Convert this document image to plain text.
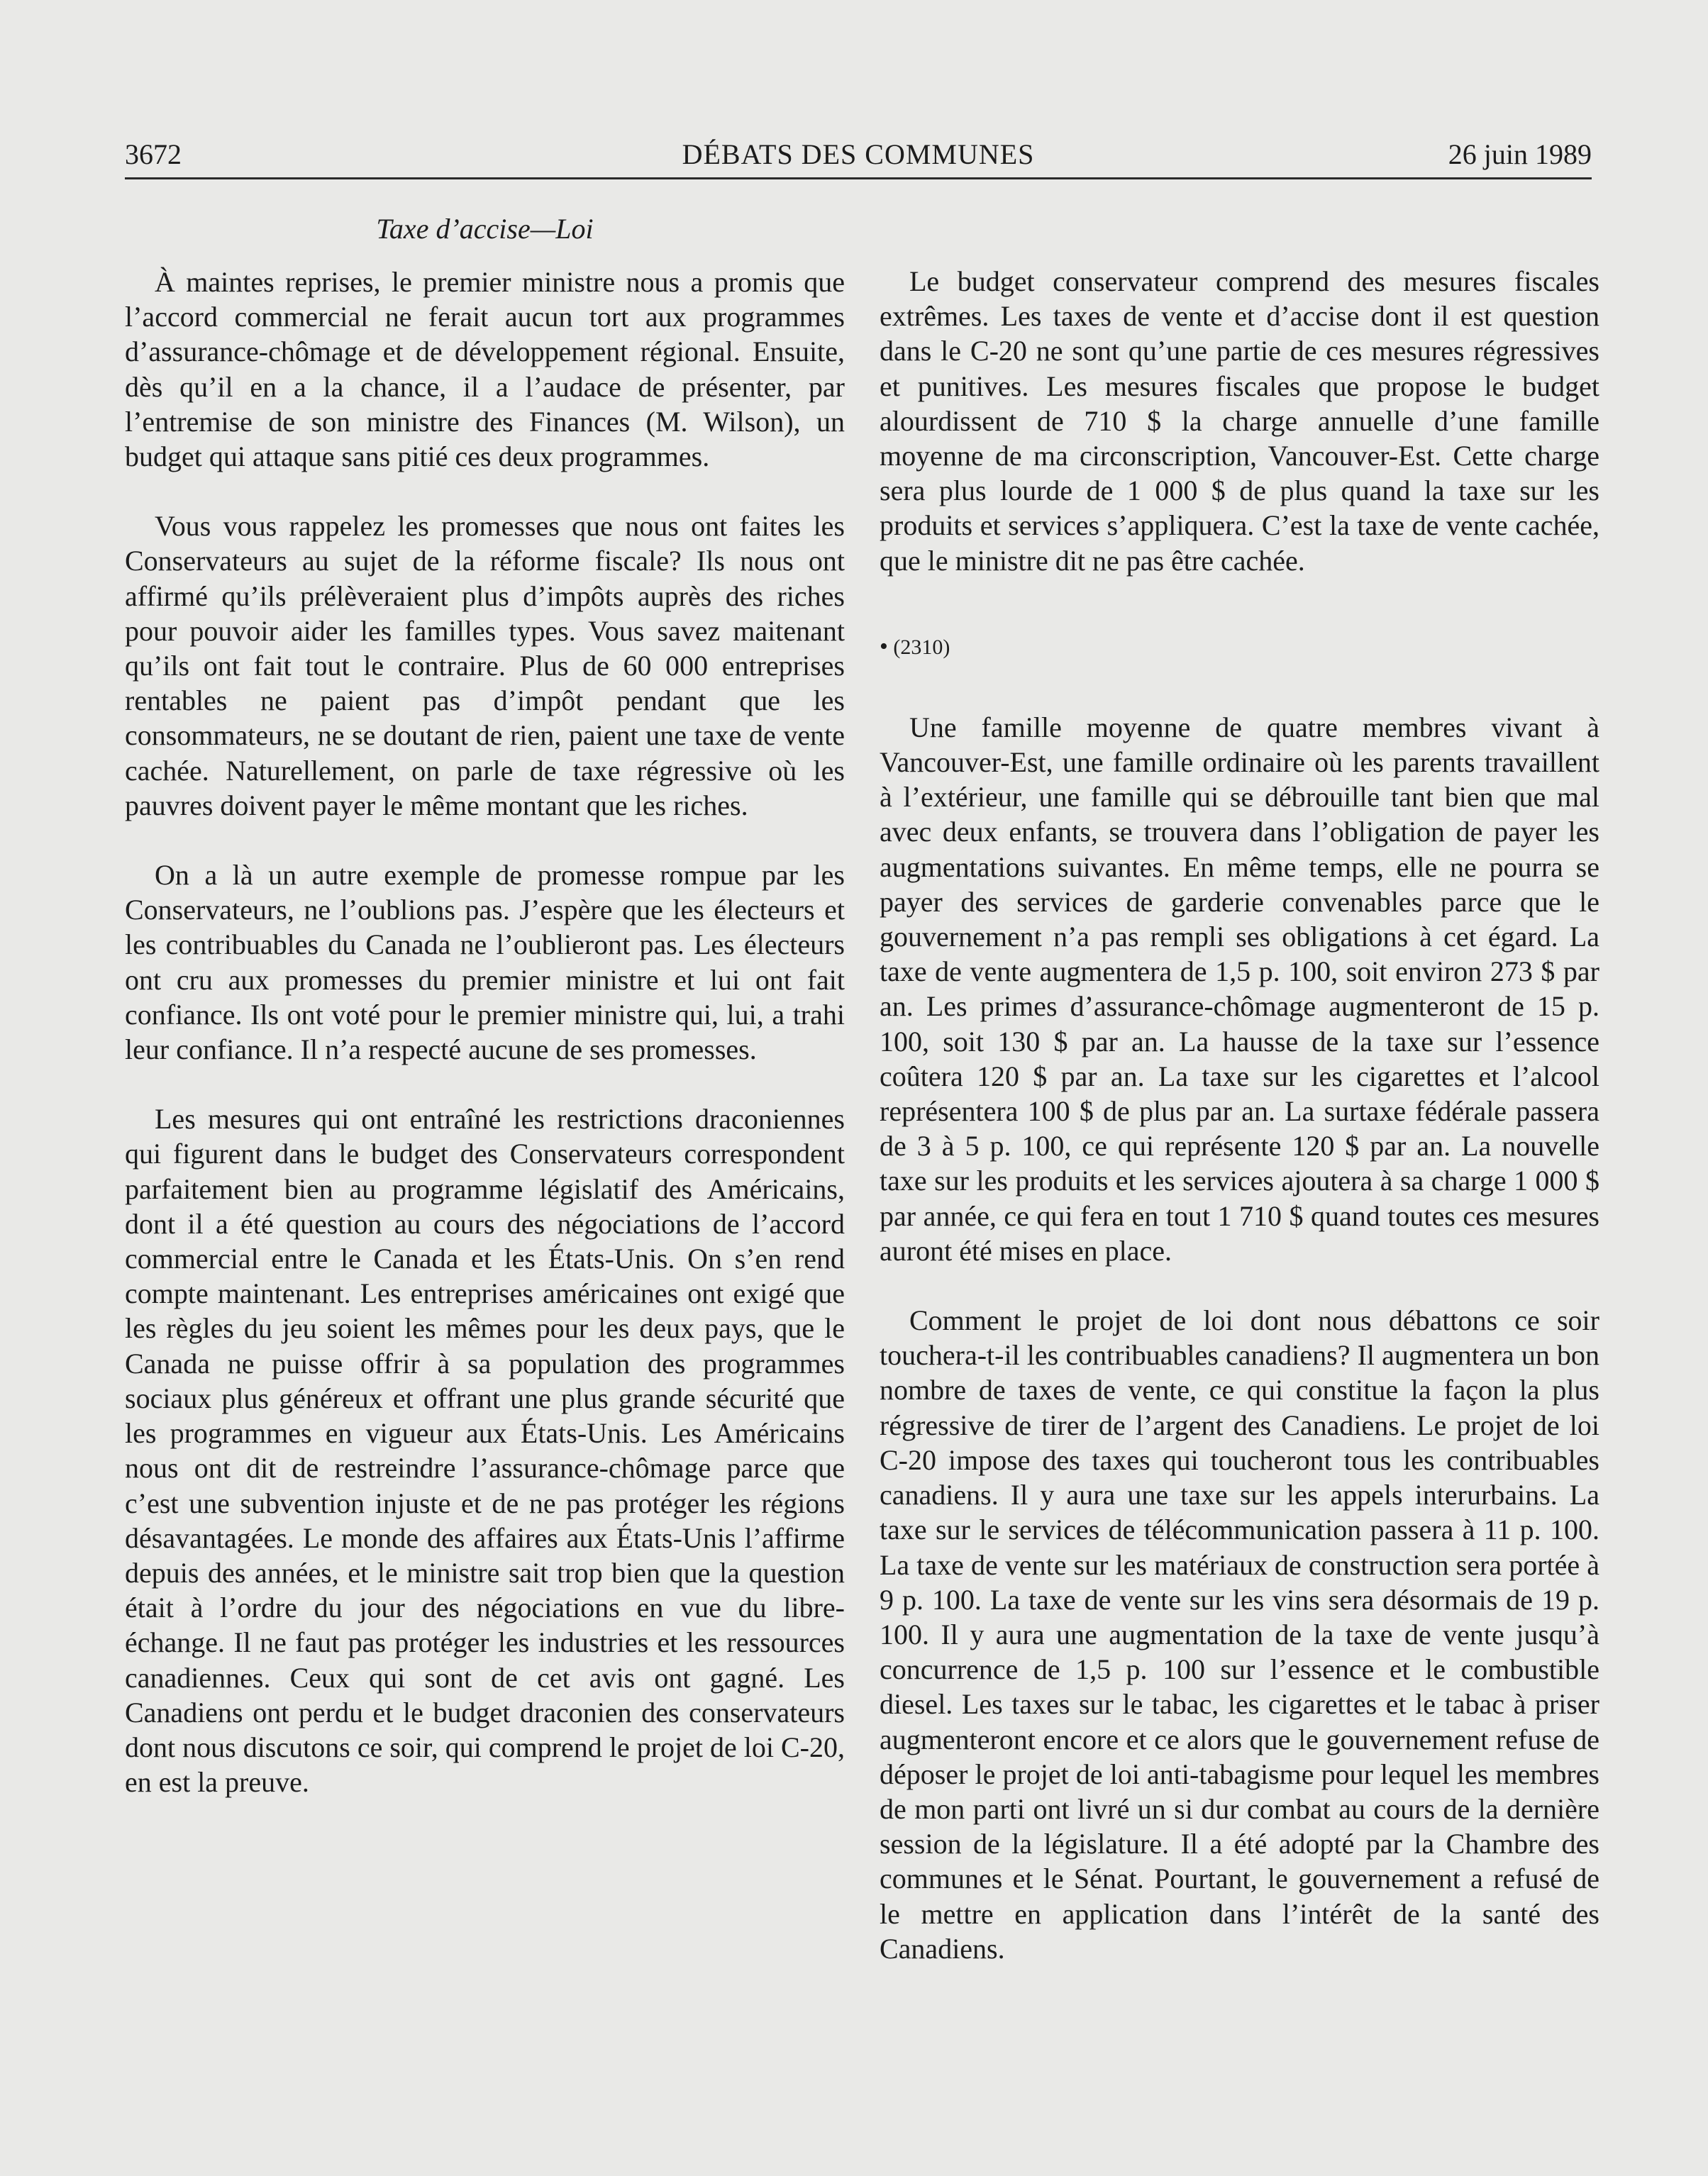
3672	DÉBATS DES COMMUNES	26 juin 1989

Taxe d’accise—Loi

À maintes reprises, le premier ministre nous a promis que l’accord commercial ne ferait aucun tort aux programmes d’assurance-chômage et de développement régional. Ensuite, dès qu’il en a la chance, il a l’audace de présenter, par l’entremise de son ministre des Finances (M. Wilson), un budget qui attaque sans pitié ces deux programmes.

Vous vous rappelez les promesses que nous ont faites les Conservateurs au sujet de la réforme fiscale? Ils nous ont affirmé qu’ils prélèveraient plus d’impôts auprès des riches pour pouvoir aider les familles types. Vous savez maitenant qu’ils ont fait tout le contraire. Plus de 60 000 entreprises rentables ne paient pas d’impôt pendant que les consommateurs, ne se doutant de rien, paient une taxe de vente cachée. Naturellement, on parle de taxe régressive où les pauvres doivent payer le même montant que les riches.

On a là un autre exemple de promesse rompue par les Conservateurs, ne l’oublions pas. J’espère que les électeurs et les contribuables du Canada ne l’oublieront pas. Les électeurs ont cru aux promesses du premier ministre et lui ont fait confiance. Ils ont voté pour le premier ministre qui, lui, a trahi leur confiance. Il n’a respecté aucune de ses promesses.

Les mesures qui ont entraîné les restrictions draconiennes qui figurent dans le budget des Conservateurs correspondent parfaitement bien au programme législatif des Américains, dont il a été question au cours des négociations de l’accord commercial entre le Canada et les États-Unis. On s’en rend compte maintenant. Les entreprises américaines ont exigé que les règles du jeu soient les mêmes pour les deux pays, que le Canada ne puisse offrir à sa population des programmes sociaux plus généreux et offrant une plus grande sécurité que les programmes en vigueur aux États-Unis. Les Américains nous ont dit de restreindre l’assurance-chômage parce que c’est une subvention injuste et de ne pas protéger les régions désavantagées. Le monde des affaires aux États-Unis l’affirme depuis des années, et le ministre sait trop bien que la question était à l’ordre du jour des négociations en vue du libre-échange. Il ne faut pas protéger les industries et les ressources canadiennes. Ceux qui sont de cet avis ont gagné. Les Canadiens ont perdu et le budget draconien des conservateurs dont nous discutons ce soir, qui comprend le projet de loi C-20, en est la preuve.

Le budget conservateur comprend des mesures fiscales extrêmes. Les taxes de vente et d’accise dont il est question dans le C-20 ne sont qu’une partie de ces mesures régressives et punitives. Les mesures fiscales que propose le budget alourdissent de 710 $ la charge annuelle d’une famille moyenne de ma circonscription, Vancouver-Est. Cette charge sera plus lourde de 1 000 $ de plus quand la taxe sur les produits et services s’appliquera. C’est la taxe de vente cachée, que le ministre dit ne pas être cachée.

• (2310)

Une famille moyenne de quatre membres vivant à Vancouver-Est, une famille ordinaire où les parents travaillent à l’extérieur, une famille qui se débrouille tant bien que mal avec deux enfants, se trouvera dans l’obligation de payer les augmentations suivantes. En même temps, elle ne pourra se payer des services de garderie convenables parce que le gouvernement n’a pas rempli ses obligations à cet égard. La taxe de vente augmentera de 1,5 p. 100, soit environ 273 $ par an. Les primes d’assurance-chômage augmenteront de 15 p. 100, soit 130 $ par an. La hausse de la taxe sur l’essence coûtera 120 $ par an. La taxe sur les cigarettes et l’alcool représentera 100 $ de plus par an. La surtaxe fédérale passera de 3 à 5 p. 100, ce qui représente 120 $ par an. La nouvelle taxe sur les produits et les services ajoutera à sa charge 1 000 $ par année, ce qui fera en tout 1 710 $ quand toutes ces mesures auront été mises en place.

Comment le projet de loi dont nous débattons ce soir touchera-t-il les contribuables canadiens? Il augmentera un bon nombre de taxes de vente, ce qui constitue la façon la plus régressive de tirer de l’argent des Canadiens. Le projet de loi C-20 impose des taxes qui toucheront tous les contribuables canadiens. Il y aura une taxe sur les appels interurbains. La taxe sur le services de télécommunication passera à 11 p. 100. La taxe de vente sur les matériaux de construction sera portée à 9 p. 100. La taxe de vente sur les vins sera désormais de 19 p. 100. Il y aura une augmentation de la taxe de vente jusqu’à concurrence de 1,5 p. 100 sur l’essence et le combustible diesel. Les taxes sur le tabac, les cigarettes et le tabac à priser augmenteront encore et ce alors que le gouvernement refuse de déposer le projet de loi anti-tabagisme pour lequel les membres de mon parti ont livré un si dur combat au cours de la dernière session de la législature. Il a été adopté par la Chambre des communes et le Sénat. Pourtant, le gouvernement a refusé de le mettre en application dans l’intérêt de la santé des Canadiens.
